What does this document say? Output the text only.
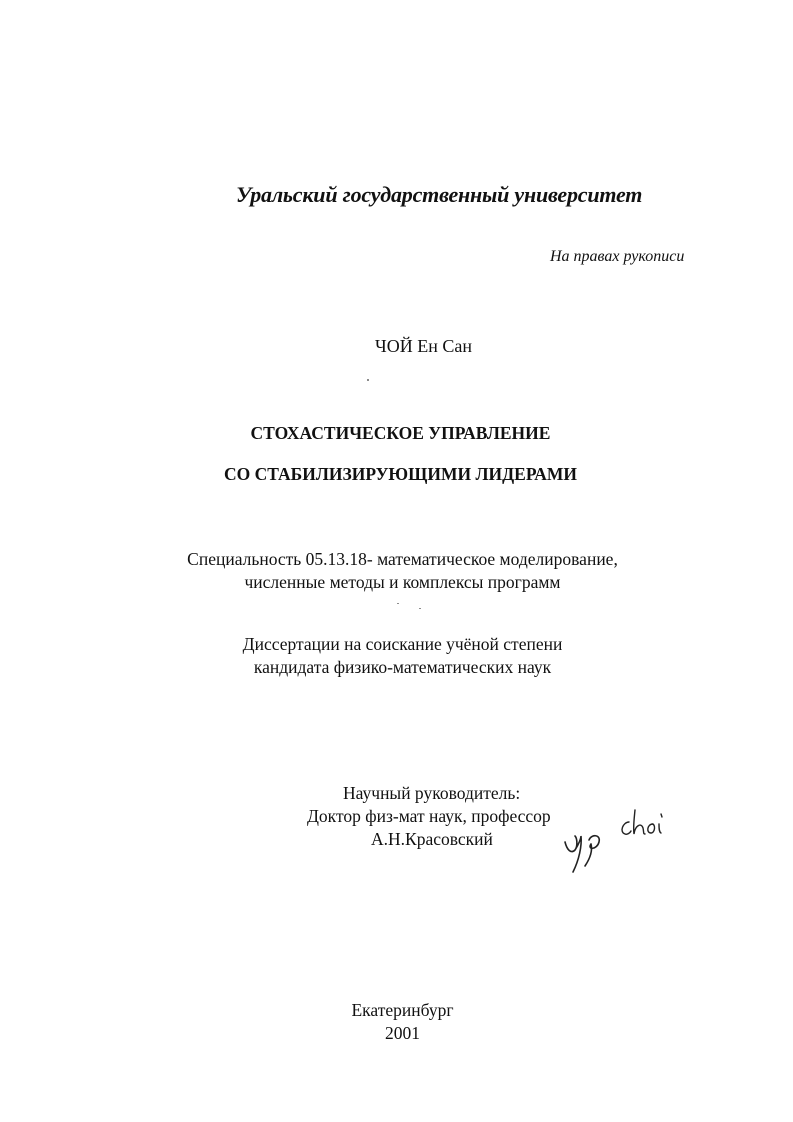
Уральский государственный университет
На правах рукописи
ЧОЙ Ен Сан
СТОХАСТИЧЕСКОЕ УПРАВЛЕНИЕ
СО СТАБИЛИЗИРУЮЩИМИ ЛИДЕРАМИ
Специальность 05.13.18- математическое моделирование,
численные методы и комплексы программ
Диссертации на соискание учёной степени
кандидата физико-математических наук
Научный руководитель:
Доктор физ-мат наук, профессор
А.Н.Красовский
Екатеринбург
2001
